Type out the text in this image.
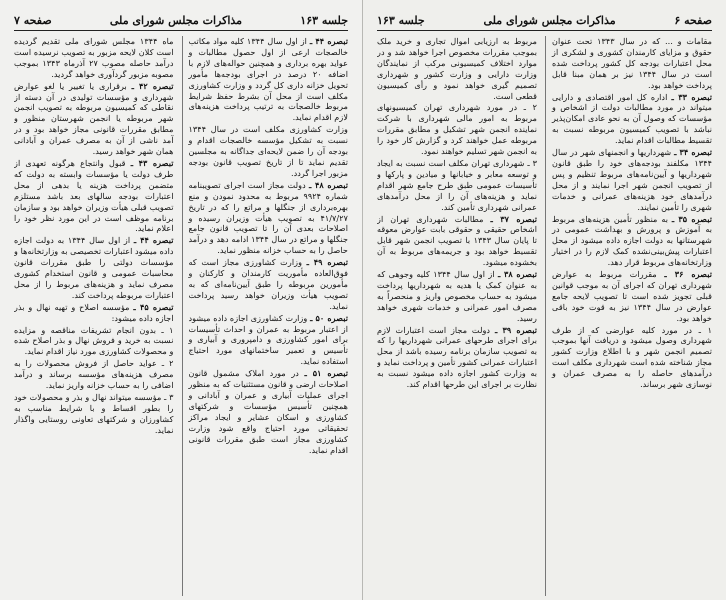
جلسه ۱۶۳
مذاکرات مجلس شورای ملی
صفحه ۷

تبصره ۴۴ ـ از اول سال ۱۳۴۴ کلیه مواد مکاتب خالصجات ارعی از اول حصول مطالبات و عواید بهره برداری و همچنین حواله‌های لازم با اضافه ۲۰ درصد در اجرای بودجه‌ها مأمور تحویل خزانه داری کل گردد و وزارت کشاورزی مکلف است از محل آن بشرط حفظ شرایط مربوط خالصجات به ترتیب پرداخت هزینه‌های لازم اقدام نماید.

وزارت کشاورزی مکلف است در سال ۱۳۴۴ نسبت به تشکیل مؤسسه خالصجات اقدام و بودجه آن را ضمن لایحه‌ای جداگانه به مجلسین تقدیم نماید تا از تاریخ تصویب قانون بودجه مزبور اجرا گردد.

تبصره ۴۸ ـ دولت مجاز است اجرای تصویبنامه شماره ۹۹۲۴ مربوط به محدود نمودن و منع بهره‌برداری از جنگلها و مراتع را که در تاریخ ۴۱/۷/۲۷ به تصویب هیأت وزیران رسیده و اصلاحات بعدی آن را تا تصویب قانون جامع جنگلها و مراتع در سال ۱۳۴۴ ادامه دهد و درآمد حاصل را به حساب خزانه منظور نماید.

تبصره ۴۹ ـ وزارت کشاورزی مجاز است که فوق‌العاده مأموریت کارمندان و کارکنان و مأمورین مربوطه را طبق آیین‌نامه‌ای که به تصویب هیأت وزیران خواهد رسید پرداخت نماید.

تبصره ۵۰ ـ وزارت کشاورزی اجازه داده میشود از اعتبار مربوط به عمران و احداث تأسیسات برای امور کشاورزی و دامپروری و آبیاری و تأسیس و تعمیر ساختمانهای مورد احتیاج استفاده نماید.

تبصره ۵۱ ـ در مورد املاک مشمول قانون اصلاحات ارضی و قانون مستثنیات که به منظور اجرای عملیات آبیاری و عمران و آبادانی و همچنین تأسیس مؤسسات و شرکتهای کشاورزی و اسکان عشایر و ایجاد مراکز تحقیقاتی مورد احتیاج واقع شود وزارت کشاورزی مجاز است طبق مقررات قانونی اقدام نماید.

ماه ۱۳۴۴ مجلس شورای ملی تقدیم گردیده است کلان لایحه مزبور به تصویب نرسیده است درآمد حاصله مصوب ۲۷ آذرماه ۱۳۴۳ بموجب مصوبه مزبور گردآوری خواهد گردید.

تبصره ۴۲ ـ برقراری یا تغییر یا لغو عوارض شهرداری و مؤسسات تولیدی در آن دسته از نقاطی که کمیسیون مربوطه به تصویب انجمن شهر مربوطه یا انجمن شهرستان منظور و مطابق مقررات قانونی مجاز خواهد بود و در آمد ناشی از آن به مصرف عمران و آبادانی همان شهر خواهد رسید.

تبصره ۴۳ ـ قبول وانتجاع هرگونه تعهدی از طرف دولت یا مؤسسات وابسته به دولت که متضمن پرداخت هزینه یا بدهی از محل اعتبارات بودجه سالهای بعد باشد مستلزم تصویب قبلی هیأت وزیران خواهد بود و سازمان برنامه موظف است در این مورد نظر خود را اعلام نماید.

تبصره ۴۴ ـ از اول سال ۱۳۴۴ به دولت اجازه داده میشود اعتبارات تخصیصی به وزارتخانه‌ها و مؤسسات دولتی را طبق مقررات قانون محاسبات عمومی و قانون استخدام کشوری مصرف نماید و هزینه‌های مربوط را از محل اعتبارات مربوطه پرداخت کند.

تبصره ۴۵ ـ مؤسسه اصلاح و تهیه نهال و بذر اجازه داده میشود:

۱ ـ بدون انجام تشریفات مناقصه و مزایده نسبت به خرید و فروش نهال و بذر اصلاح شده و محصولات کشاورزی مورد نیاز اقدام نماید.

۲ ـ عواید حاصل از فروش محصولات را به مصرف هزینه‌های مؤسسه برساند و درآمد اضافی را به حساب خزانه واریز نماید.

۳ ـ مؤسسه میتواند نهال و بذر و محصولات خود را بطور اقساط و با شرایط مناسب به کشاورزان و شرکتهای تعاونی روستایی واگذار نماید.

صفحه ۶
مذاکرات مجلس شورای ملی
جلسه ۱۶۳

مقامات و ... که در سال ۱۳۴۳ تحت عنوان حقوق و مزایای کارمندان کشوری و لشکری از محل اعتبارات بودجه کل کشور پرداخت شده است در سال ۱۳۴۴ نیز بر همان مبنا قابل پرداخت خواهد بود.

تبصره ۳۳ ـ اداره کل امور اقتصادی و دارایی میتواند در مورد مطالبات دولت از اشخاص و مؤسسات که وصول آن به نحو عادی امکان‌پذیر نباشد با تصویب کمیسیون مربوطه نسبت به تقسیط مطالبات اقدام نماید.

تبصره ۳۴ ـ شهرداریها و انجمنهای شهر در سال ۱۳۴۴ مکلفند بودجه‌های خود را طبق قانون شهرداریها و آیین‌نامه‌های مربوط تنظیم و پس از تصویب انجمن شهر اجرا نمایند و از محل درآمدهای خود هزینه‌های عمرانی و خدمات شهری را تأمین نمایند.

تبصره ۳۵ ـ به منظور تأمین هزینه‌های مربوط به آموزش و پرورش و بهداشت عمومی در شهرستانها به دولت اجازه داده میشود از محل اعتبارات پیش‌بینی‌نشده کمک لازم را در اختیار وزارتخانه‌های مربوط قرار دهد.

تبصره ۳۶ ـ مقررات مربوط به عوارض شهرداری تهران که اجرای آن به موجب قوانین قبلی تجویز شده است تا تصویب لایحه جامع عوارض در سال ۱۳۴۴ نیز به قوت خود باقی خواهد بود.

۱ ـ در مورد کلیه عوارضی که از طرف شهرداری وصول میشود و دریافت آنها بموجب تصمیم انجمن شهر و با اطلاع وزارت کشور مجاز شناخته شده است شهرداری مکلف است درآمدهای حاصله را به مصرف عمران و نوسازی شهر برساند.

مربوط به ارزیابی اموال تجاری و خرید ملک بموجب مقررات مخصوص اجرا خواهد شد و در موارد اختلاف کمیسیونی مرکب از نمایندگان وزارت دارایی و وزارت کشور و شهرداری تصمیم گیری خواهد نمود و رأی کمیسیون قطعی است.

۲ ـ در مورد شهرداری تهران کمیسیونهای مربوط به امور مالی شهرداری با شرکت نماینده انجمن شهر تشکیل و مطابق مقررات مربوطه عمل خواهند کرد و گزارش کار خود را به انجمن شهر تسلیم خواهند نمود.

۳ ـ شهرداری تهران مکلف است نسبت به ایجاد و توسعه معابر و خیابانها و میادین و پارکها و تأسیسات عمومی طبق طرح جامع شهر اقدام نماید و هزینه‌های آن را از محل درآمدهای عمرانی شهرداری تأمین کند.

تبصره ۳۷ ـ مطالبات شهرداری تهران از اشخاص حقیقی و حقوقی بابت عوارض معوقه تا پایان سال ۱۳۴۳ با تصویب انجمن شهر قابل تقسیط خواهد بود و جریمه‌های مربوط به آن بخشوده میشود.

تبصره ۳۸ ـ از اول سال ۱۳۴۴ کلیه وجوهی که به عنوان کمک یا هدیه به شهرداریها پرداخت میشود به حساب مخصوص واریز و منحصراً به مصرف امور عمرانی و خدمات شهری خواهد رسید.

تبصره ۳۹ ـ دولت مجاز است اعتبارات لازم برای اجرای طرحهای عمرانی شهرداریها را که به تصویب سازمان برنامه رسیده باشد از محل اعتبارات عمرانی کشور تأمین و پرداخت نماید و به وزارت کشور اجازه داده میشود نسبت به نظارت بر اجرای این طرحها اقدام کند.
